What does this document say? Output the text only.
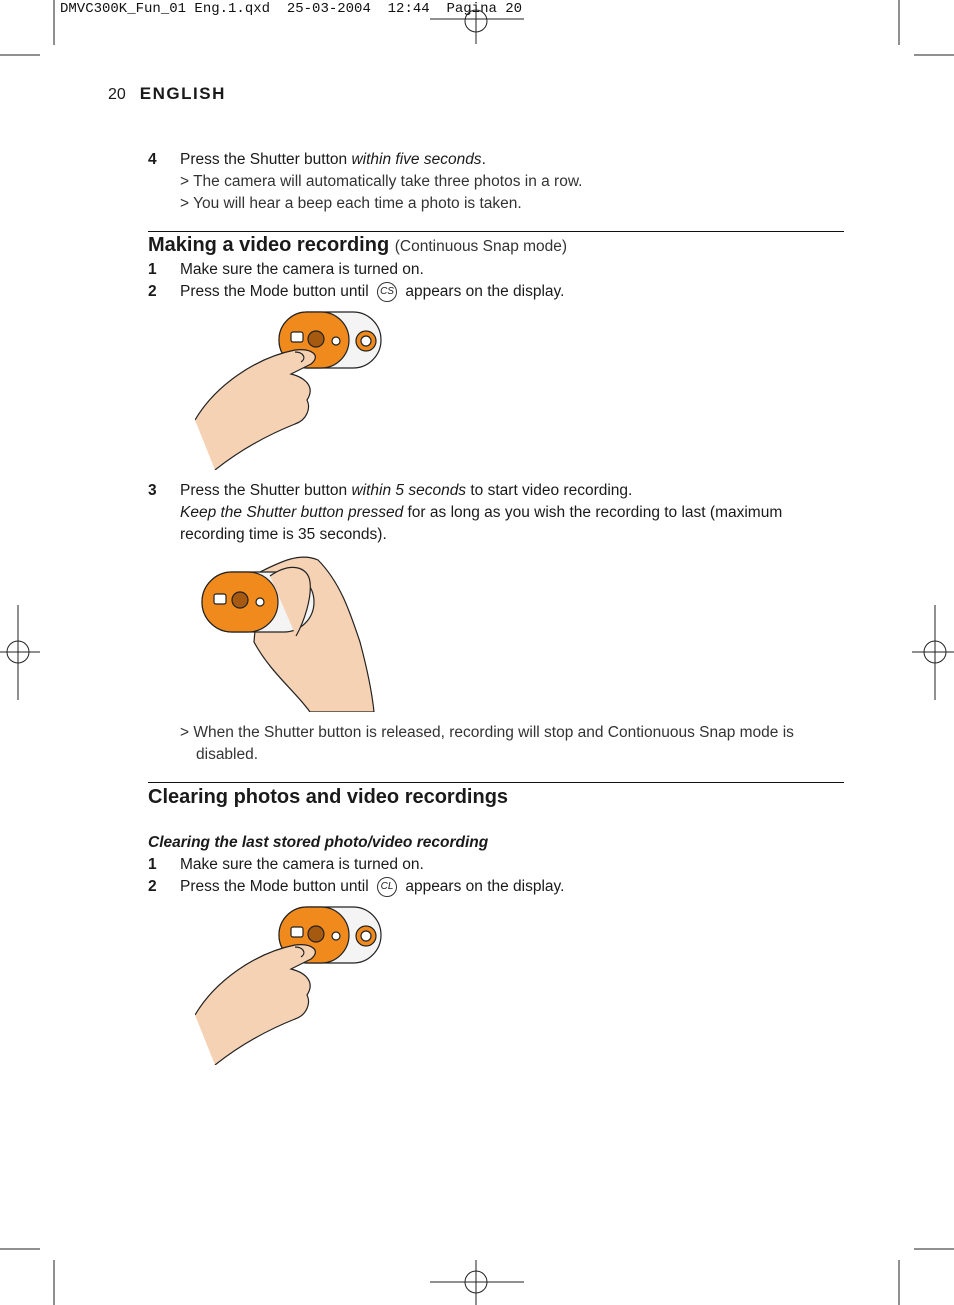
DMVC300K_Fun_01 Eng.1.qxd  25-03-2004  12:44  Pagina 20
20 ENGLISH
4 Press the Shutter button within five seconds.
> The camera will automatically take three photos in a row.
> You will hear a beep each time a photo is taken.
Making a video recording (Continuous Snap mode)
1 Make sure the camera is turned on.
2 Press the Mode button until CS appears on the display.
3 Press the Shutter button within 5 seconds to start video recording.
Keep the Shutter button pressed for as long as you wish the recording to last (maximum
recording time is 35 seconds).
> When the Shutter button is released, recording will stop and Contionuous Snap mode is
disabled.
Clearing photos and video recordings
Clearing the last stored photo/video recording
1 Make sure the camera is turned on.
2 Press the Mode button until CL appears on the display.
